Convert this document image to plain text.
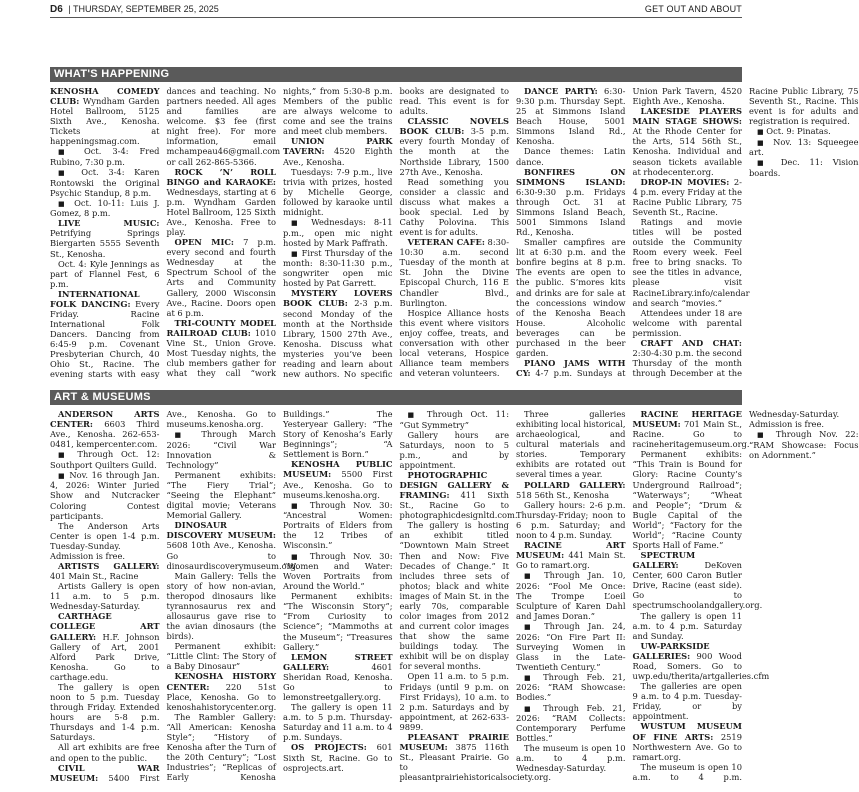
D6 | THURSDAY, SEPTEMBER 25, 2025	GET OUT AND ABOUT
WHAT'S HAPPENING

KENOSHA COMEDY CLUB: Wyndham Garden Hotel Ballroom, 5125 Sixth Ave., Kenosha. Tickets at happeningsmag.com.

■ Oct. 3-4: Fred Rubino, 7:30 p.m.

■ Oct. 3-4: Karen Rontowski the Original Psychic Standup, 8 p.m.

■ Oct. 10-11: Luis J. Gomez, 8 p.m.

LIVE MUSIC: Petrifying Springs Biergarten 5555 Seventh St., Kenosha.

Oct. 4: Kyle Jennings as part of Flannel Fest, 6 p.m.

INTERNATIONAL FOLK DANCING: Every Friday. Racine International Folk Dancers. Dancing from 6:45-9 p.m. Covenant Presbyterian Church, 40 Ohio St., Racine. The evening starts with easy dances and teaching. No partners needed. All ages and families are welcome. $3 fee (first night free). For more information, email mchampeau46@gmail.com or call 262-865-5366.

ROCK ’N’ ROLL BINGO and KARAOKE: Wednesdays, starting at 6 p.m. Wyndham Garden Hotel Ballroom, 125 Sixth Ave., Kenosha. Free to play.

OPEN MIC: 7 p.m. every second and fourth Wednesday at the Spectrum School of the Arts and Community Gallery, 2000 Wisconsin Ave., Racine. Doors open at 6 p.m.

TRI-COUNTY MODEL RAILROAD CLUB: 1010 Vine St., Union Grove. Most Tuesday nights, the club members gather for what they call “work nights,” from 5:30-8 p.m. Members of the public are always welcome to come and see the trains and meet club members.

UNION PARK TAVERN: 4520 Eighth Ave., Kenosha.

Tuesdays: 7-9 p.m., live trivia with prizes, hosted by Michelle George, followed by karaoke until midnight.

■ Wednesdays: 8-11 p.m., open mic night hosted by Mark Paffrath.

■ First Thursday of the month: 8:30-11:30 p.m., songwriter open mic hosted by Pat Garrett.

MYSTERY LOVERS BOOK CLUB: 2-3 p.m. second Monday of the month at the Northside Library, 1500 27th Ave., Kenosha. Discuss what mysteries you’ve been reading and learn about new authors. No specific books are designated to read. This event is for adults.

CLASSIC NOVELS BOOK CLUB: 3-5 p.m. every fourth Monday of the month at the Northside Library, 1500 27th Ave., Kenosha.

Read something you consider a classic and discuss what makes a book special. Led by Cathy Polovina. This event is for adults.

VETERAN CAFE: 8:30-10:30 a.m. second Tuesday of the month at St. John the Divine Episcopal Church, 116 E Chandler Blvd., Burlington.

Hospice Alliance hosts this event where visitors enjoy coffee, treats, and conversation with other local veterans, Hospice Alliance team members and veteran volunteers.

DANCE PARTY: 6:30-9:30 p.m. Thursday Sept. 25 at Simmons Island Beach House, 5001 Simmons Island Rd., Kenosha.

Dance themes: Latin dance.

BONFIRES ON SIMMONS ISLAND: 6:30-9:30 p.m. Fridays through Oct. 31 at Simmons Island Beach, 5001 Simmons Island Rd., Kenosha.

Smaller campfires are lit at 6:30 p.m. and the bonfire begins at 8 p.m. The events are open to the public. S’mores kits and drinks are for sale at the concessions window of the Kenosha Beach House. Alcoholic beverages can be purchased in the beer garden.

PIANO JAMS WITH CY: 4-7 p.m. Sundays at Union Park Tavern, 4520 Eighth Ave., Kenosha.

LAKESIDE PLAYERS MAIN STAGE SHOWS: At the Rhode Center for the Arts, 514 56th St., Kenosha. Individual and season tickets available at rhodecenter.org.

DROP-IN MOVIES: 2-4 p.m. every Friday at the Racine Public Library, 75 Seventh St., Racine.

Ratings and movie titles will be posted outside the Community Room every week. Feel free to bring snacks. To see the titles in advance, please visit RacineLibrary.info/calendar and search “movies.”

Attendees under 18 are welcome with parental permission.

CRAFT AND CHAT: 2:30-4:30 p.m. the second Thursday of the month through December at the Racine Public Library, 75 Seventh St., Racine. This event is for adults and registration is required.

■ Oct. 9: Pinatas.

■ Nov. 13: Squeegee art.

■ Dec. 11: Vision boards.

ART & MUSEUMS

ANDERSON ARTS CENTER: 6603 Third Ave., Kenosha. 262-653-0481, kempercenter.com.

■ Through Oct. 12: Southport Quilters Guild.

■ Nov. 16 through Jan. 4, 2026: Winter Juried Show and Nutcracker Coloring Contest participants.

The Anderson Arts Center is open 1-4 p.m. Tuesday-Sunday. Admission is free.

ARTISTS GALLERY: 401 Main St., Racine

Artists Gallery is open 11 a.m. to 5 p.m. Wednesday-Saturday.

CARTHAGE COLLEGE ART GALLERY: H.F. Johnson Gallery of Art, 2001 Alford Park Drive, Kenosha. Go to carthage.edu.

The gallery is open noon to 5 p.m. Tuesday through Friday. Extended hours are 5-8 p.m. Thursdays and 1-4 p.m. Saturdays.

All art exhibits are free and open to the public.

CIVIL WAR MUSEUM: 5400 First Ave., Kenosha. Go to museums.kenosha.org.

■ Through March 2026: “Civil War Innovation & Technology”

Permanent exhibits: “The Fiery Trial”; “Seeing the Elephant” digital movie; Veterans Memorial Gallery.

DINOSAUR DISCOVERY MUSEUM: 5608 10th Ave., Kenosha. Go to dinosaurdiscoverymuseum.org.

Main Gallery: Tells the story of how non-avian, theropod dinosaurs like tyrannosaurus rex and allosaurus gave rise to the avian dinosaurs (the birds).

Permanent exhibit: “Little Clint: The Story of a Baby Dinosaur”

KENOSHA HISTORY CENTER: 220 51st Place, Kenosha. Go to kenoshahistorycenter.org.

The Rambler Gallery: “All American: Kenosha Style”; “History of Kenosha after the Turn of the 20th Century”; “Lost Industries”; “Replicas of Early Kenosha Buildings.” The Yesteryear Gallery: “The Story of Kenosha’s Early Beginnings”; “A Settlement is Born.”

KENOSHA PUBLIC MUSEUM: 5500 First Ave., Kenosha. Go to museums.kenosha.org.

■ Through Nov. 30: “Ancestral Women: Portraits of Elders from the 12 Tribes of Wisconsin.”

■ Through Nov. 30: “Women and Water: Woven Portraits from Around the World.”

Permanent exhibits: “The Wisconsin Story”; “From Curiosity to Science”; “Mammoths at the Museum”; “Treasures Gallery.”

LEMON STREET GALLERY: 4601 Sheridan Road, Kenosha. Go to lemonstreetgallery.org.

The gallery is open 11 a.m. to 5 p.m. Thursday-Saturday and 11 a.m. to 4 p.m. Sundays.

OS PROJECTS: 601 Sixth St, Racine. Go to osprojects.art.

■ Through Oct. 11: “Gut Symmetry”

Gallery hours are Saturdays, noon to 5 p.m., and by appointment.

PHOTOGRAPHIC DESIGN GALLERY & FRAMING: 411 Sixth St., Racine Go to photographicdesignltd.com.

The gallery is hosting an exhibit titled “Downtown Main Street Then and Now: Five Decades of Change.” It includes three sets of photos; black and white images of Main St. in the early 70s, comparable color images from 2012 and current color images that show the same buildings today. The exhibit will be on display for several months.

Open 11 a.m. to 5 p.m. Fridays (until 9 p.m. on First Fridays), 10 a.m. to 2 p.m. Saturdays and by appointment, at 262-633-9899.

PLEASANT PRAIRIE MUSEUM: 3875 116th St., Pleasant Prairie. Go to pleasantprairiehistoricalsociety.org.

Three galleries exhibiting local historical, archaeological, and cultural materials and stories. Temporary exhibits are rotated out several times a year.

POLLARD GALLERY: 518 56th St., Kenosha

Gallery hours: 2-6 p.m. Thursday-Friday; noon to 6 p.m. Saturday; and noon to 4 p.m. Sunday.

RACINE ART MUSEUM: 441 Main St. Go to ramart.org.

■ Through Jan. 10, 2026: “Fool Me Once: The Trompe L’oeil Sculpture of Karen Dahl and James Doran.”

■ Through Jan. 24, 2026: “On Fire Part II: Surveying Women in Glass in the Late-Twentieth Century.”

■ Through Feb. 21, 2026: “RAM Showcase: Bodies.”

■ Through Feb. 21, 2026: “RAM Collects: Contemporary Perfume Bottles.”

The museum is open 10 a.m. to 4 p.m. Wednesday-Saturday.

RACINE HERITAGE MUSEUM: 701 Main St., Racine. Go to racineheritagemuseum.org.

Permanent exhibits: “This Train is Bound for Glory: Racine County’s Underground Railroad”; “Waterways”; “Wheat and People”; “Drum & Bugle Capital of the World”; “Factory for the World”; “Racine County Sports Hall of Fame.”

SPECTRUM GALLERY: DeKoven Center, 600 Caron Butler Drive, Racine (east side). Go to spectrumschoolandgallery.org.

The gallery is open 11 a.m. to 4 p.m. Saturday and Sunday.

UW-PARKSIDE GALLERIES: 900 Wood Road, Somers. Go to uwp.edu/therita/artgalleries.cfm

The galleries are open 9 a.m. to 4 p.m. Tuesday-Friday, or by appointment.

WUSTUM MUSEUM OF FINE ARTS: 2519 Northwestern Ave. Go to ramart.org.

The museum is open 10 a.m. to 4 p.m. Wednesday-Saturday. Admission is free.

■ Through Nov. 22: “RAM Showcase: Focus on Adornment.”
